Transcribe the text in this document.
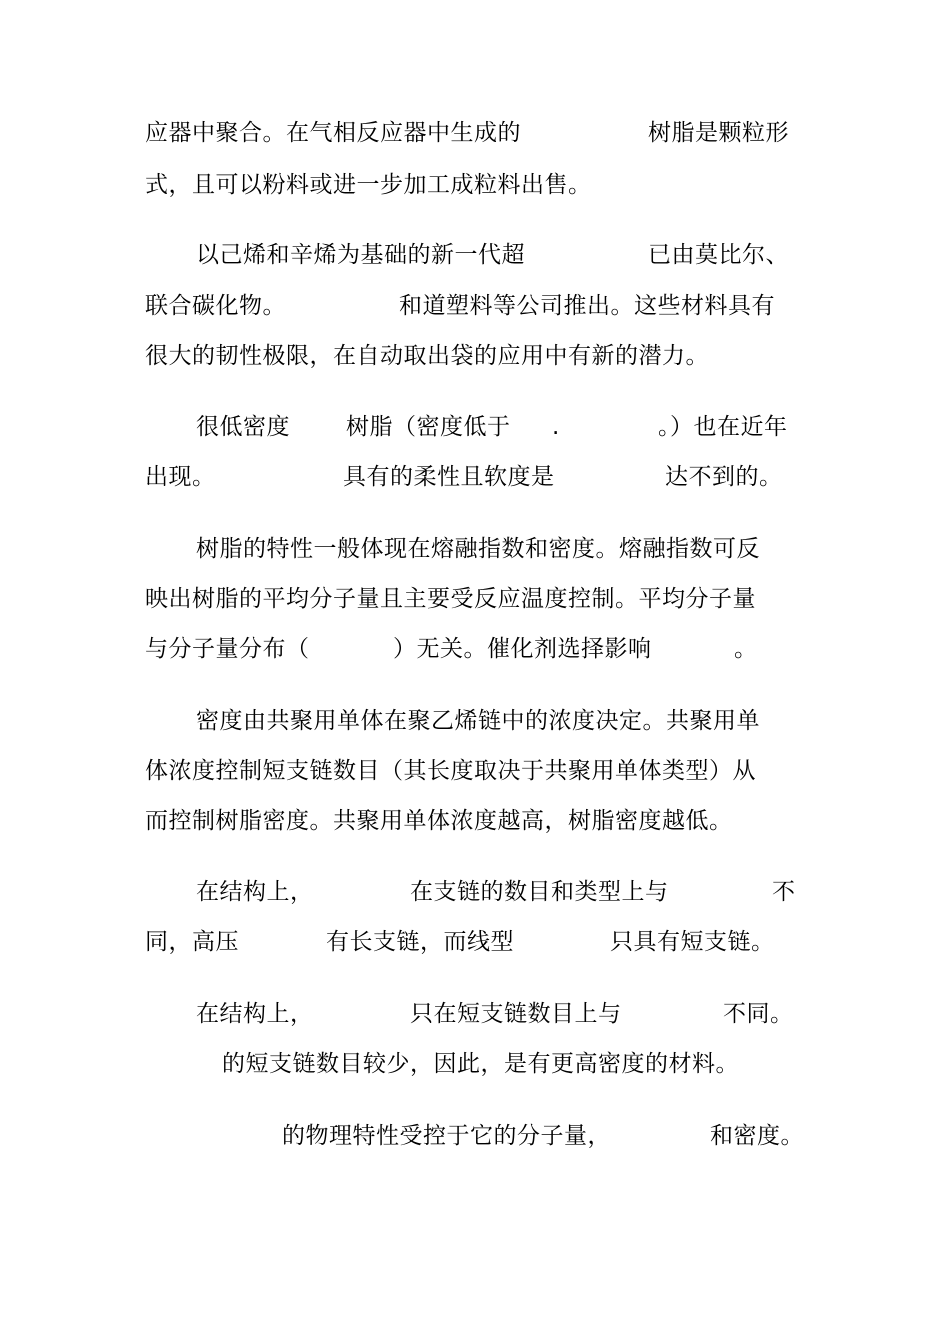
应器中聚合。在气相反应器中生成的	树脂是颗粒形
式，且可以粉料或进一步加工成粒料出售。
以己烯和辛烯为基础的新一代超	已由莫比尔、
联合碳化物。	和道塑料等公司推出。这些材料具有
很大的韧性极限，在自动取出袋的应用中有新的潜力。
很低密度 树脂（密度低于 .	。）也在近年
出现。	具有的柔性且软度是	达不到的。
树脂的特性一般体现在熔融指数和密度。熔融指数可反
映出树脂的平均分子量且主要受反应温度控制。平均分子量
与分子量分布（	）无关。催化剂选择影响	。
密度由共聚用单体在聚乙烯链中的浓度决定。共聚用单
体浓度控制短支链数目（其长度取决于共聚用单体类型）从
而控制树脂密度。共聚用单体浓度越高，树脂密度越低。
在结构上，	在支链的数目和类型上与	不
同，高压	有长支链，而线型	只具有短支链。
在结构上，	只在短支链数目上与	不同。
的短支链数目较少，因此，是有更高密度的材料。
的物理特性受控于它的分子量，	和密度。
